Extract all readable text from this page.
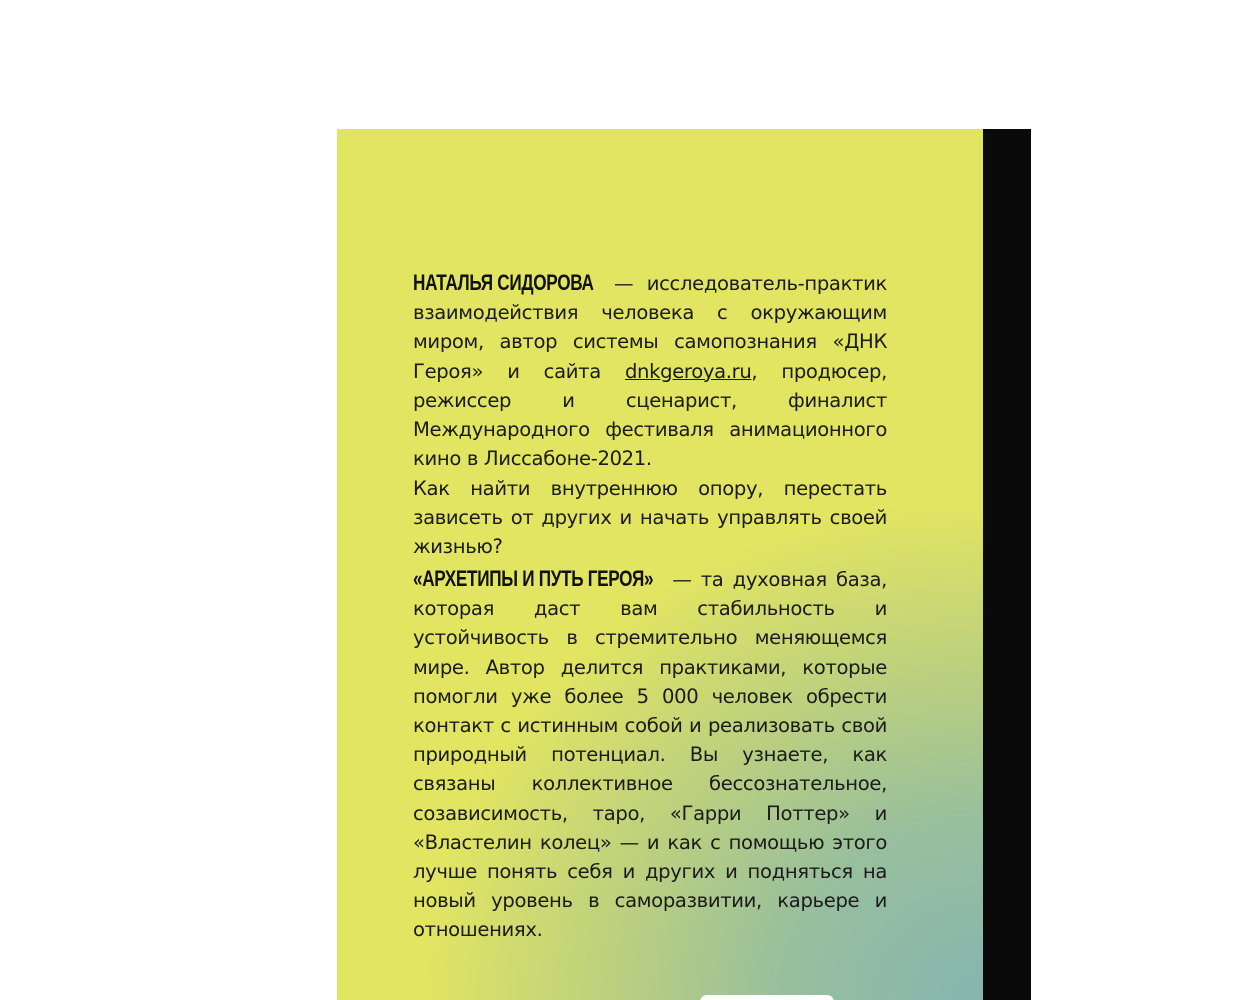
НАТАЛЬЯ СИДОРОВА — исследователь-практик взаимодействия человека с окружающим миром, автор системы самопознания «ДНК Героя» и сайта dnkgeroya.ru, продюсер, режиссер и сценарист, финалист Международного фестиваля анимационного кино в Лиссабоне-2021.

Как найти внутреннюю опору, перестать зависеть от других и начать управлять своей жизнью?

«АРХЕТИПЫ И ПУТЬ ГЕРОЯ» — та духовная база, которая даст вам стабильность и устойчивость в стремительно меняющемся мире. Автор делится практиками, которые помогли уже более 5 000 человек обрести контакт с истинным собой и реализовать свой природный потенциал. Вы узнаете, как связаны коллективное бессознательное, созависимость, таро, «Гарри Поттер» и «Властелин колец» — и как с помощью этого лучше понять себя и других и подняться на новый уровень в саморазвитии, карьере и отношениях.
